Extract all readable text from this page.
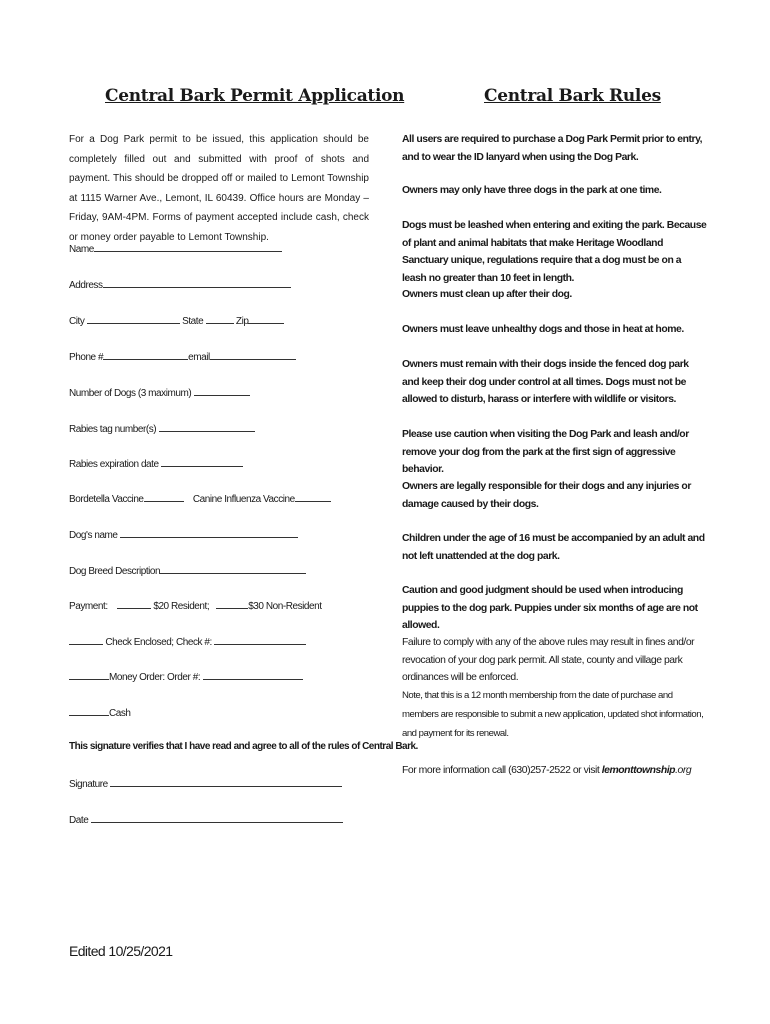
Central Bark Permit Application

For a Dog Park permit to be issued, this application should be completely filled out and submitted with proof of shots and payment. This should be dropped off or mailed to Lemont Township at 1115 Warner Ave., Lemont, IL 60439. Office hours are Monday – Friday, 9AM-4PM. Forms of payment accepted include cash, check or money order payable to Lemont Township.

Name
Address
City	State	Zip
Phone #	email
Number of Dogs (3 maximum)
Rabies tag number(s)
Rabies expiration date
Bordetella Vaccine	Canine Influenza Vaccine
Dog's name
Dog Breed Description
Payment:	$20 Resident;	$30 Non-Resident
Check Enclosed; Check #:
Money Order: Order #:
Cash
This signature verifies that I have read and agree to all of the rules of Central Bark.
Signature
Date
Edited 10/25/2021
Central Bark Rules

All users are required to purchase a Dog Park Permit prior to entry, and to wear the ID lanyard when using the Dog Park.

Owners may only have three dogs in the park at one time.

Dogs must be leashed when entering and exiting the park. Because of plant and animal habitats that make Heritage Woodland Sanctuary unique, regulations require that a dog must be on a leash no greater than 10 feet in length.

Owners must clean up after their dog.

Owners must leave unhealthy dogs and those in heat at home.

Owners must remain with their dogs inside the fenced dog park and keep their dog under control at all times. Dogs must not be allowed to disturb, harass or interfere with wildlife or visitors.

Please use caution when visiting the Dog Park and leash and/or remove your dog from the park at the first sign of aggressive behavior.

Owners are legally responsible for their dogs and any injuries or damage caused by their dogs.

Children under the age of 16 must be accompanied by an adult and not left unattended at the dog park.

Caution and good judgment should be used when introducing puppies to the dog park. Puppies under six months of age are not allowed.

Failure to comply with any of the above rules may result in fines and/or revocation of your dog park permit. All state, county and village park ordinances will be enforced.

Note, that this is a 12 month membership from the date of purchase and members are responsible to submit a new application, updated shot information, and payment for its renewal.

For more information call (630)257-2522 or visit lemonttownship.org
